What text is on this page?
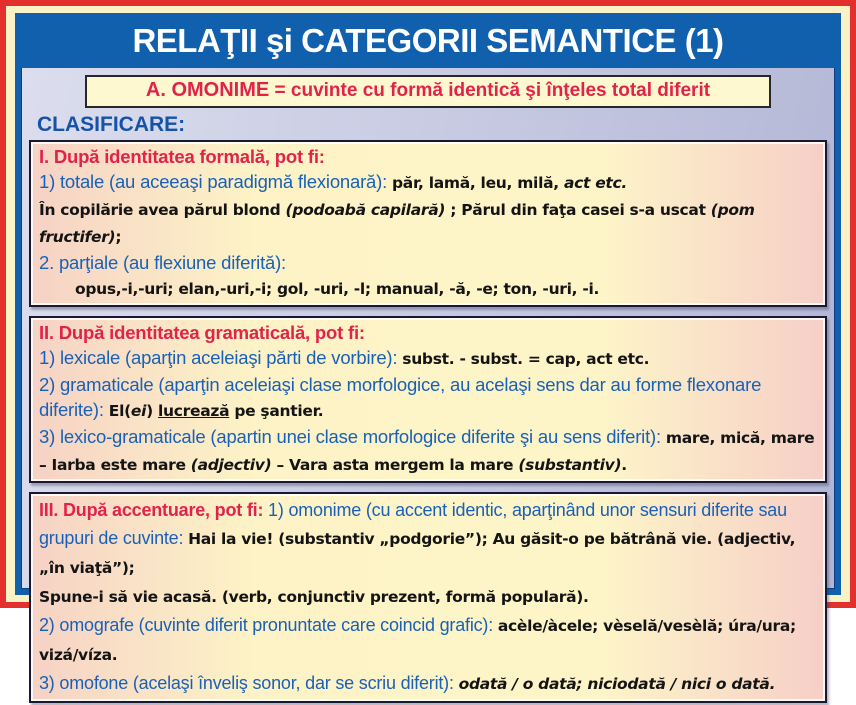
RELAŢII şi CATEGORII SEMANTICE (1)
A. OMONIME = cuvinte cu formă identică şi înţeles total diferit
CLASIFICARE:
I. După identitatea formală, pot fi:
1) totale (au aceeaşi paradigmă flexionară): păr, lamă, leu, milă, act etc.
În copilărie avea părul blond (podoabă capilară) ; Părul din faţa casei s-a uscat (pom fructifer);
2. parţiale (au flexiune diferită):
opus,-i,-uri; elan,-uri,-i; gol, -uri, -l; manual, -ă, -e; ton, -uri, -i.
II. După identitatea gramaticală, pot fi:
1) lexicale (aparţin aceleiaşi părti de vorbire): subst. - subst. = cap, act etc.
2) gramaticale (aparţin aceleiaşi clase morfologice, au acelaşi sens dar au forme flexonare diferite): El(ei) lucrează pe şantier.
3) lexico-gramaticale (apartin unei clase morfologice diferite şi au sens diferit): mare, mică, mare – Iarba este mare (adjectiv) – Vara asta mergem la mare (substantiv).
III. După accentuare, pot fi: 1) omonime (cu accent identic, aparţinând unor sensuri diferite sau grupuri de cuvinte: Hai la vie! (substantiv „podgorie”); Au găsit-o pe bătrână vie. (adjectiv, „în viaţă”);
Spune-i să vie acasă. (verb, conjunctiv prezent, formă populară).
2) omografe (cuvinte diferit pronuntate care coincid grafic): acèle/àcele; vèselă/vesèlă; úra/ura; vizá/víza.
3) omofone (acelaşi înveliş sonor, dar se scriu diferit): odată / o dată; niciodată / nici o dată.
